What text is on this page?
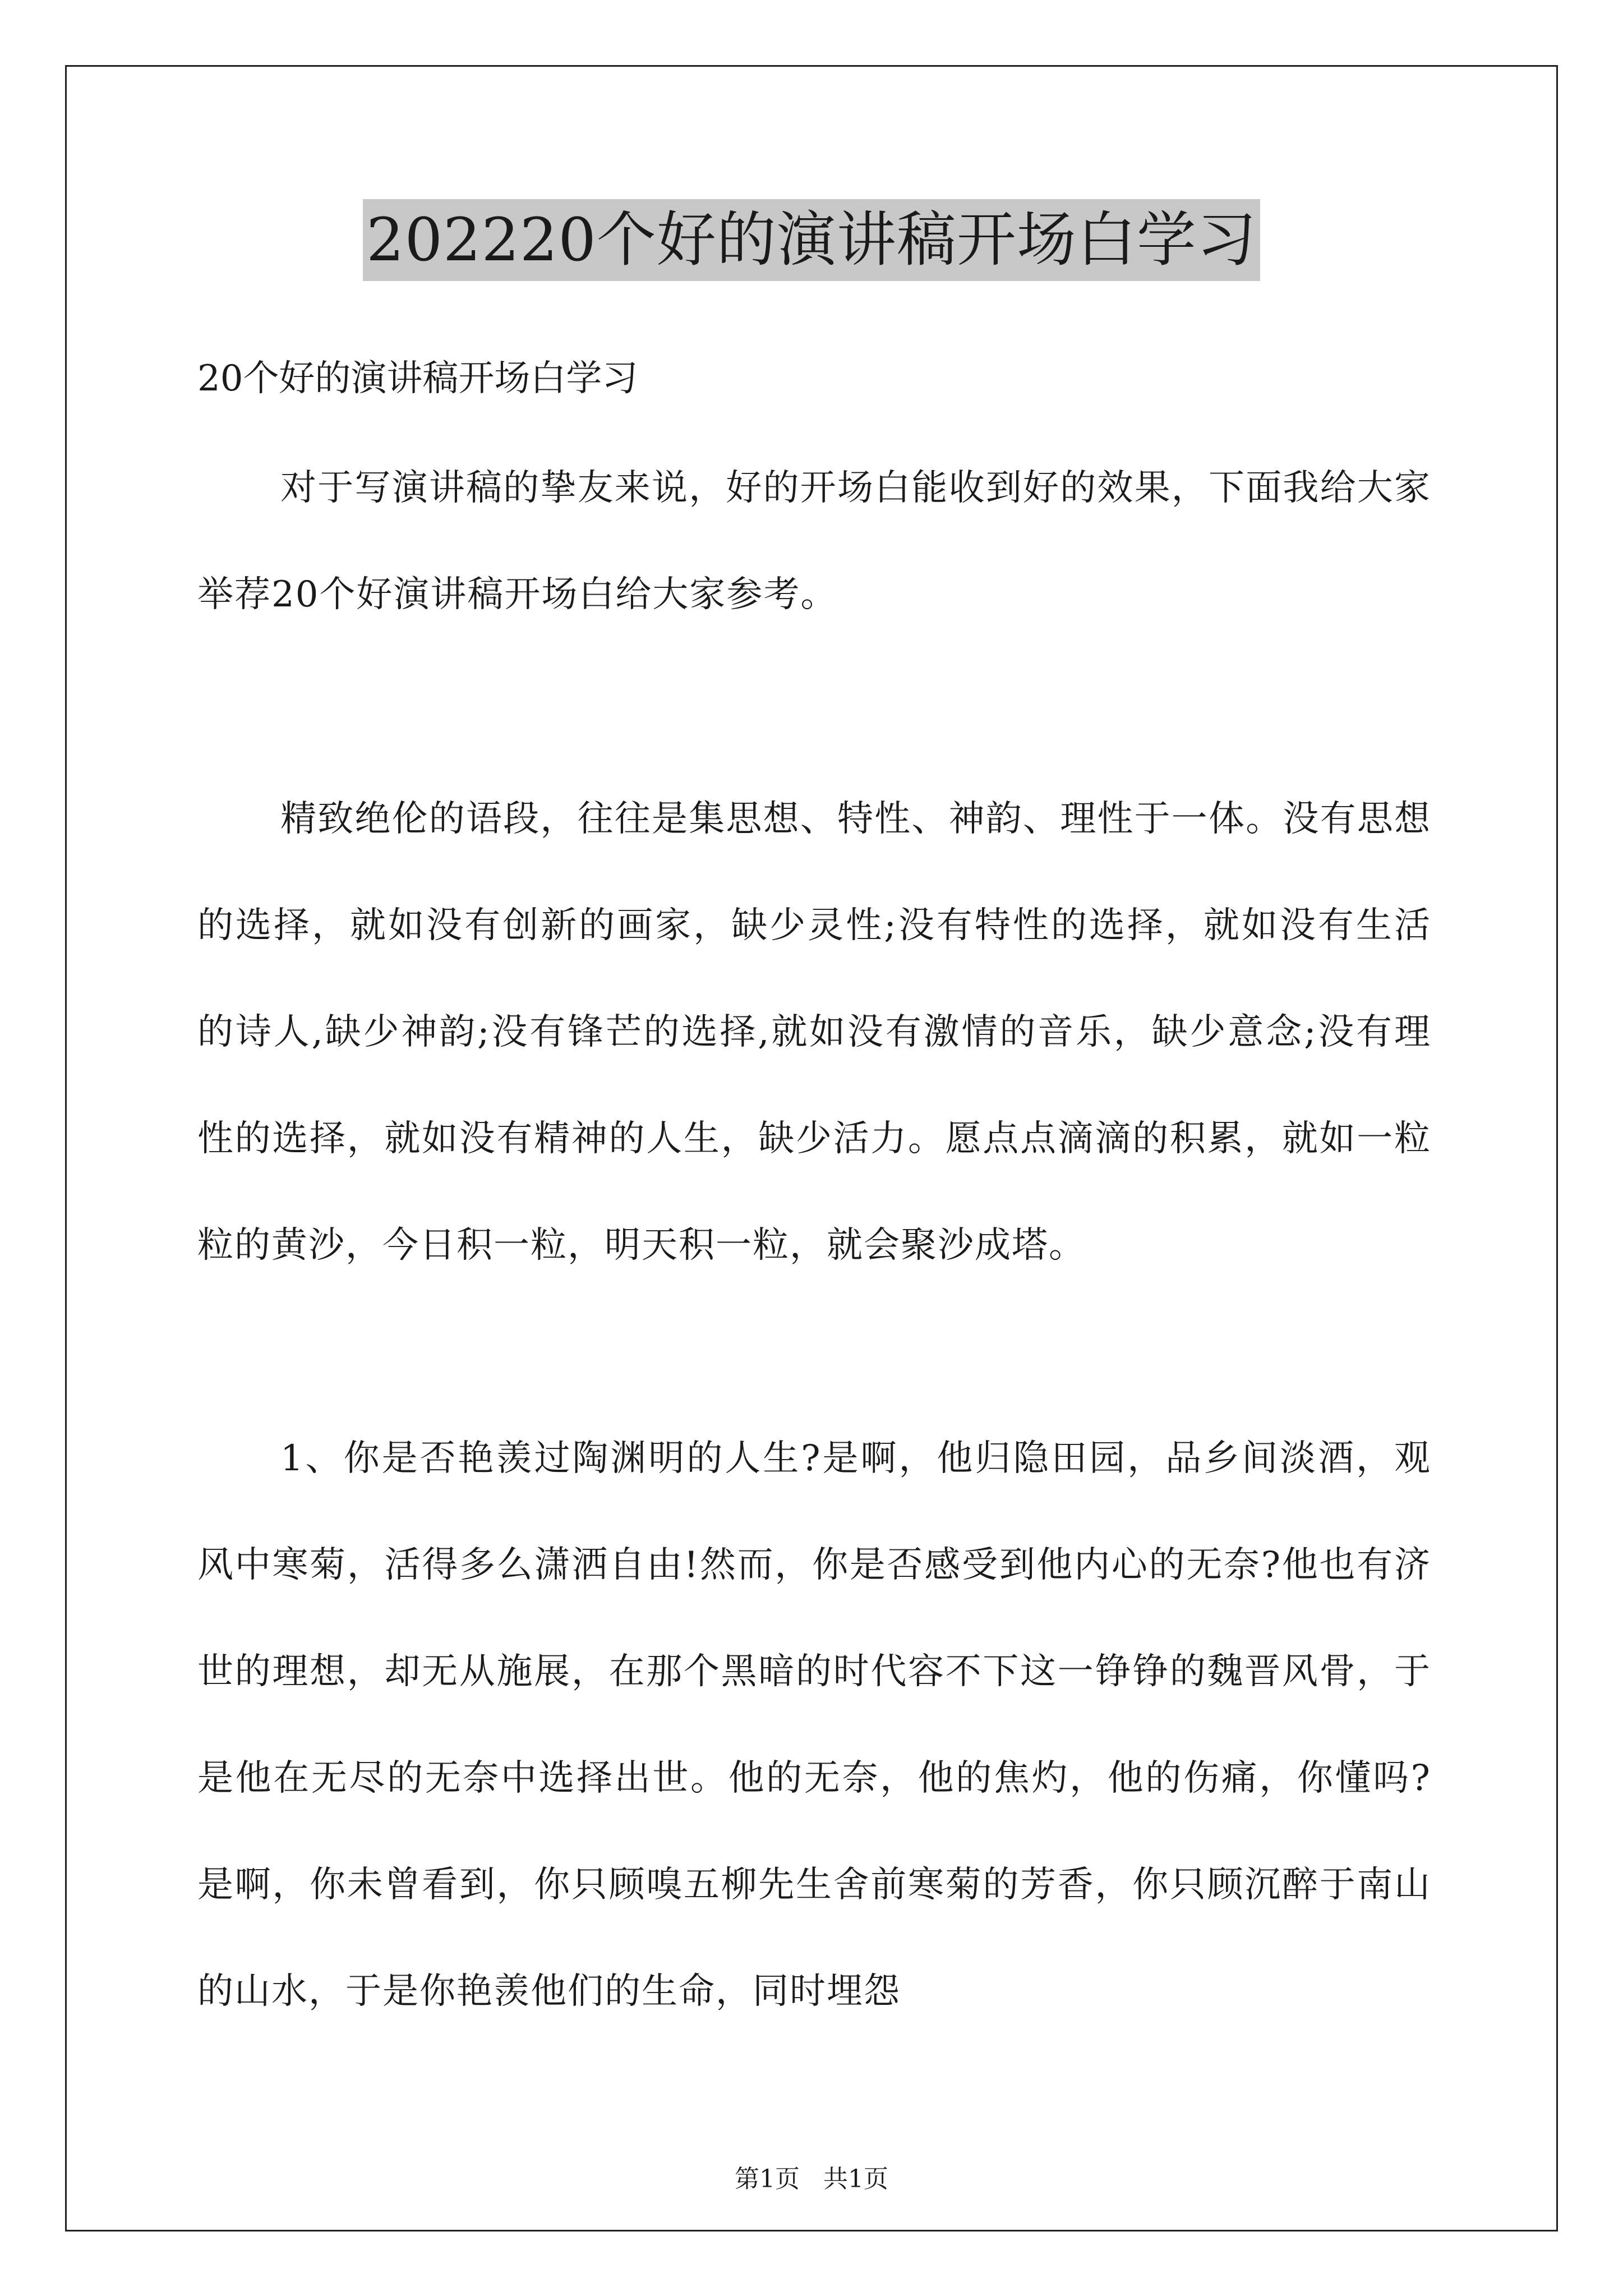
202220个好的演讲稿开场白学习
20个好的演讲稿开场白学习

对于写演讲稿的挚友来说，好的开场白能收到好的效果，下面我给大家举荐20个好演讲稿开场白给大家参考。

精致绝伦的语段，往往是集思想、特性、神韵、理性于一体。没有思想的选择，就如没有创新的画家，缺少灵性;没有特性的选择，就如没有生活的诗人,缺少神韵;没有锋芒的选择,就如没有激情的音乐，缺少意念;没有理性的选择，就如没有精神的人生，缺少活力。愿点点滴滴的积累，就如一粒粒的黄沙，今日积一粒，明天积一粒，就会聚沙成塔。

1、你是否艳羡过陶渊明的人生?是啊，他归隐田园，品乡间淡酒，观风中寒菊，活得多么潇洒自由!然而，你是否感受到他内心的无奈?他也有济世的理想，却无从施展，在那个黑暗的时代容不下这一铮铮的魏晋风骨，于是他在无尽的无奈中选择出世。他的无奈，他的焦灼，他的伤痛，你懂吗?是啊，你未曾看到，你只顾嗅五柳先生舍前寒菊的芳香，你只顾沉醉于南山的山水，于是你艳羡他们的生命，同时埋怨

第1页   共1页
